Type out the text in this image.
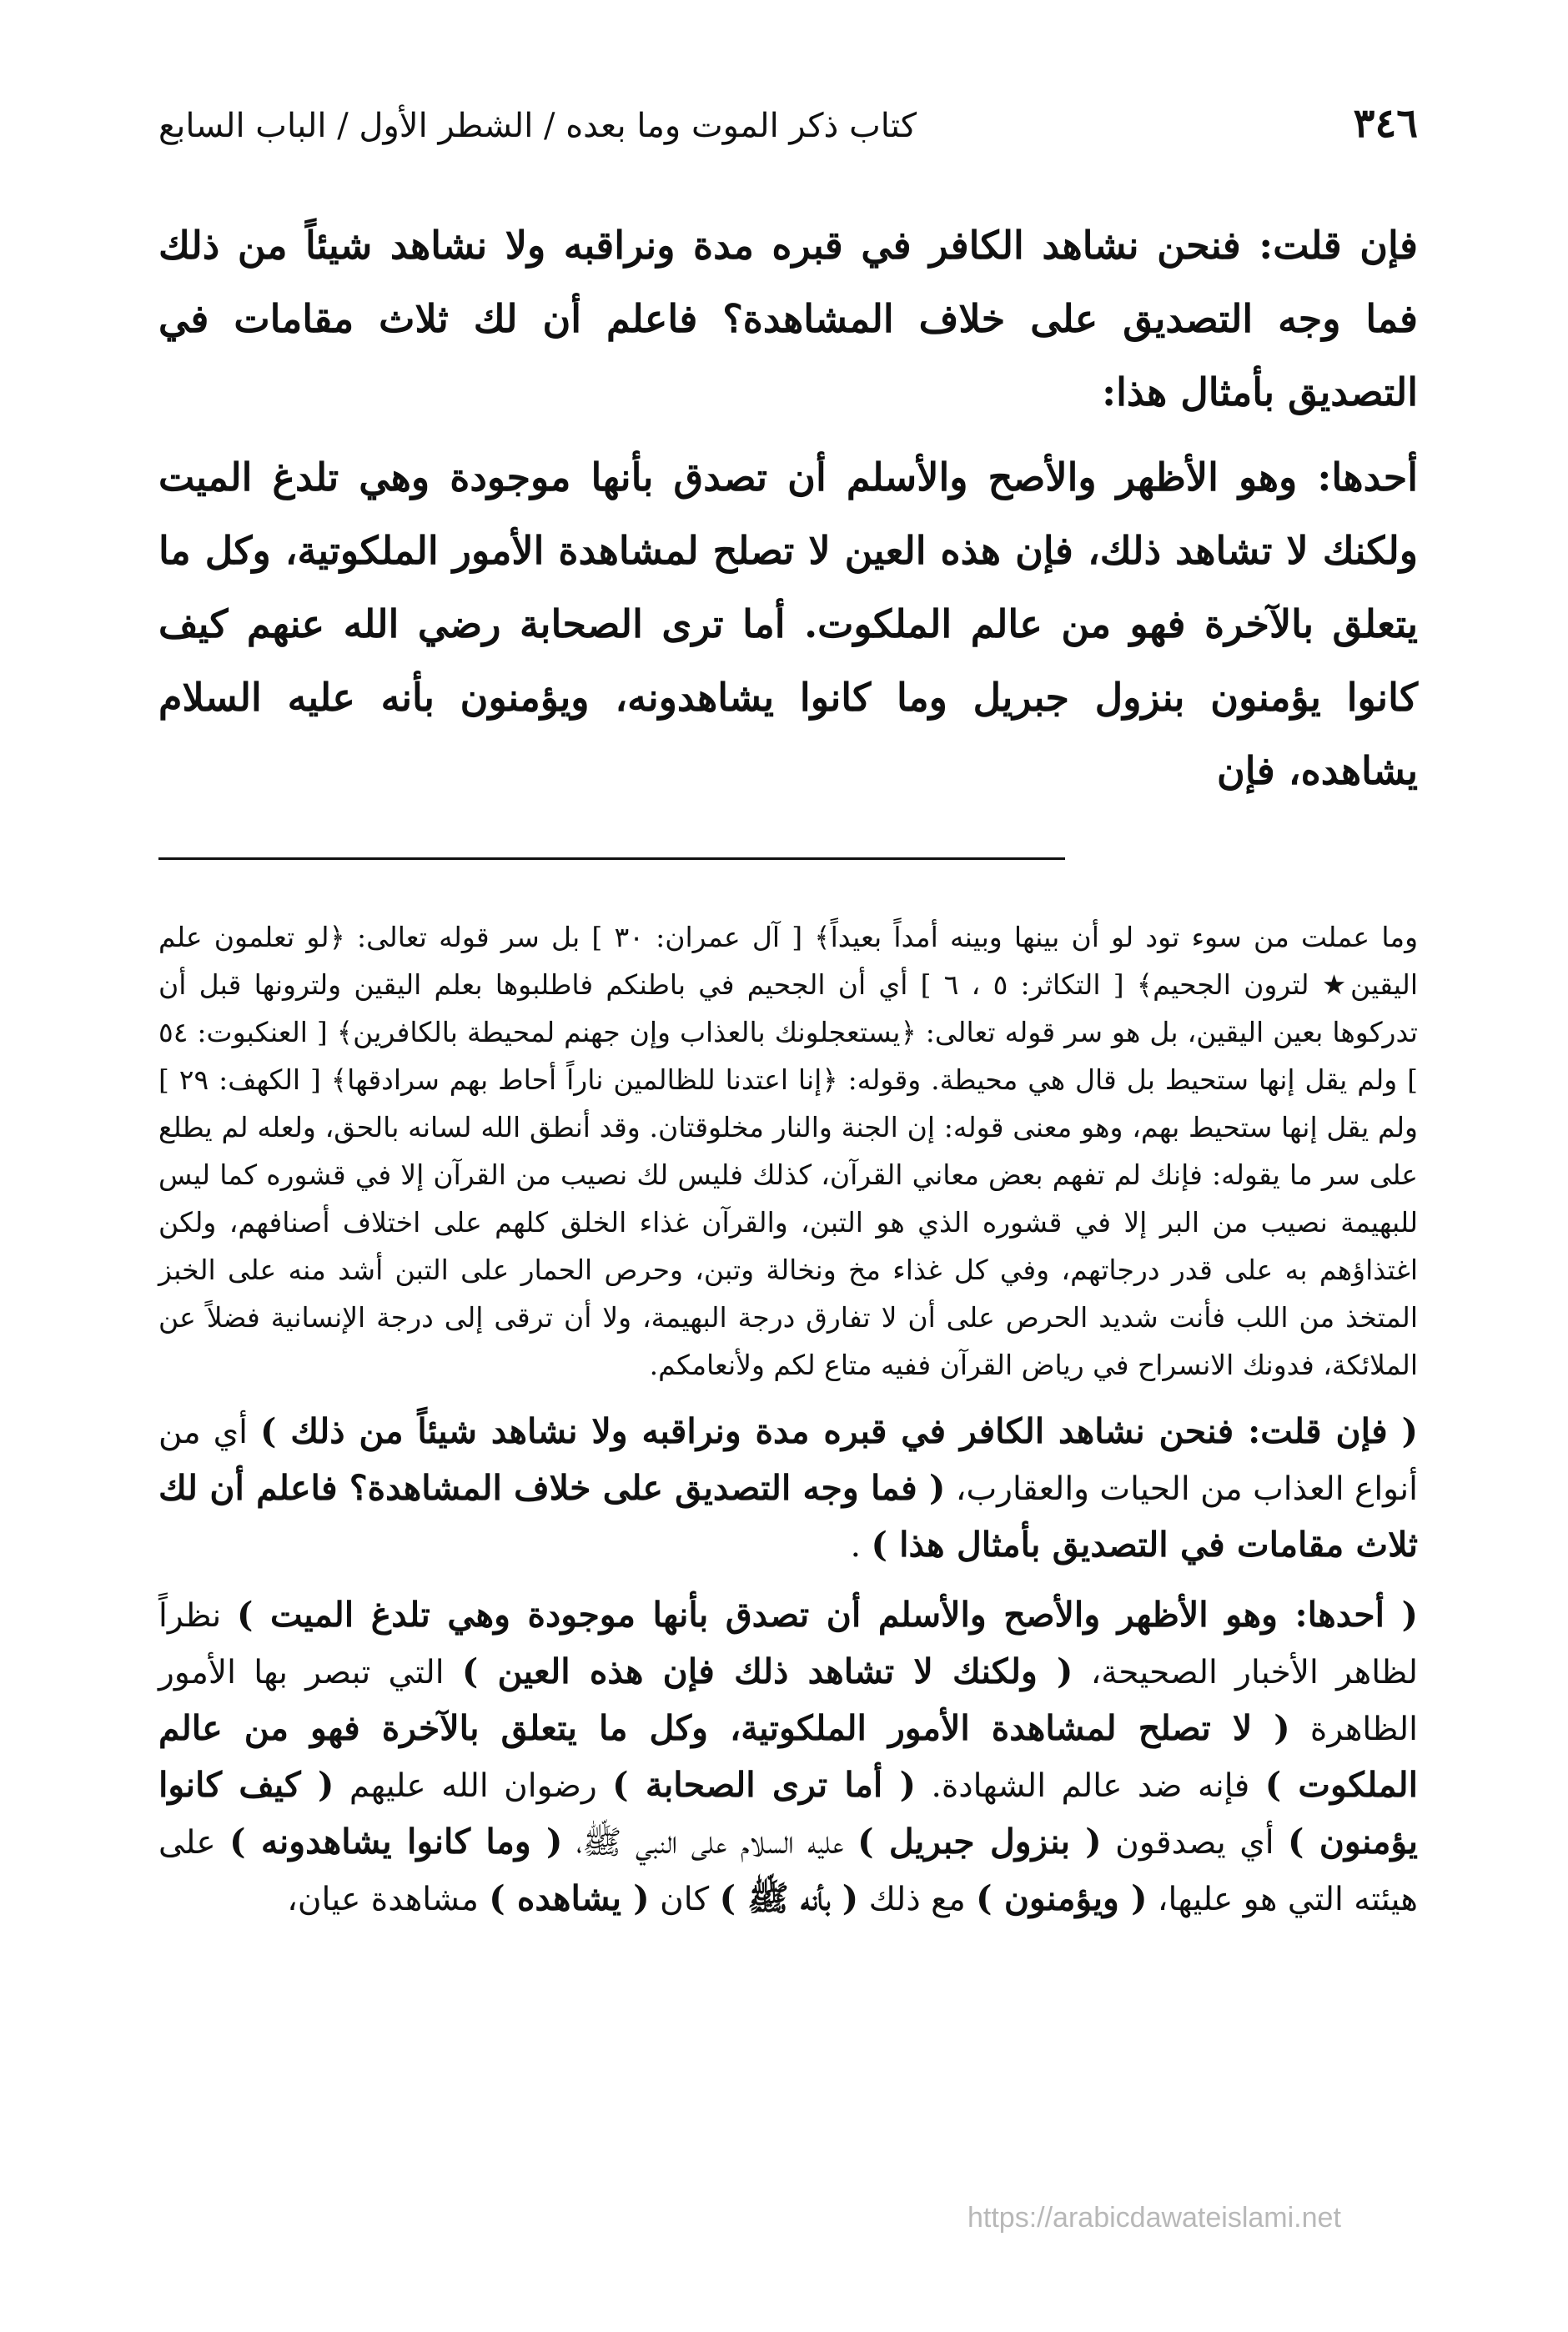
٣٤٦
كتاب ذكر الموت وما بعده / الشطر الأول / الباب السابع

فإن قلت: فنحن نشاهد الكافر في قبره مدة ونراقبه ولا نشاهد شيئاً من ذلك فما وجه التصديق على خلاف المشاهدة؟ فاعلم أن لك ثلاث مقامات في التصديق بأمثال هذا:

أحدها: وهو الأظهر والأصح والأسلم أن تصدق بأنها موجودة وهي تلدغ الميت ولكنك لا تشاهد ذلك، فإن هذه العين لا تصلح لمشاهدة الأمور الملكوتية، وكل ما يتعلق بالآخرة فهو من عالم الملكوت. أما ترى الصحابة رضي الله عنهم كيف كانوا يؤمنون بنزول جبريل وما كانوا يشاهدونه، ويؤمنون بأنه عليه السلام يشاهده، فإن

وما عملت من سوء تود لو أن بينها وبينه أمداً بعيداً﴾ [ آل عمران: ٣٠ ] بل سر قوله تعالى: ﴿لو تعلمون علم اليقين★ لترون الجحيم﴾ [ التكاثر: ٥ ، ٦ ] أي أن الجحيم في باطنكم فاطلبوها بعلم اليقين ولترونها قبل أن تدركوها بعين اليقين، بل هو سر قوله تعالى: ﴿يستعجلونك بالعذاب وإن جهنم لمحيطة بالكافرين﴾ [ العنكبوت: ٥٤ ] ولم يقل إنها ستحيط بل قال هي محيطة. وقوله: ﴿إنا اعتدنا للظالمين ناراً أحاط بهم سرادقها﴾ [ الكهف: ٢٩ ] ولم يقل إنها ستحيط بهم، وهو معنى قوله: إن الجنة والنار مخلوقتان. وقد أنطق الله لسانه بالحق، ولعله لم يطلع على سر ما يقوله: فإنك لم تفهم بعض معاني القرآن، كذلك فليس لك نصيب من القرآن إلا في قشوره كما ليس للبهيمة نصيب من البر إلا في قشوره الذي هو التبن، والقرآن غذاء الخلق كلهم على اختلاف أصنافهم، ولكن اغتذاؤهم به على قدر درجاتهم، وفي كل غذاء مخ ونخالة وتبن، وحرص الحمار على التبن أشد منه على الخبز المتخذ من اللب فأنت شديد الحرص على أن لا تفارق درجة البهيمة، ولا أن ترقى إلى درجة الإنسانية فضلاً عن الملائكة، فدونك الانسراح في رياض القرآن ففيه متاع لكم ولأنعامكم.

( فإن قلت: فنحن نشاهد الكافر في قبره مدة ونراقبه ولا نشاهد شيئاً من ذلك ) أي من أنواع العذاب من الحيات والعقارب، ( فما وجه التصديق على خلاف المشاهدة؟ فاعلم أن لك ثلاث مقامات في التصديق بأمثال هذا ) .

( أحدها: وهو الأظهر والأصح والأسلم أن تصدق بأنها موجودة وهي تلدغ الميت ) نظراً لظاهر الأخبار الصحيحة، ( ولكنك لا تشاهد ذلك فإن هذه العين ) التي تبصر بها الأمور الظاهرة ( لا تصلح لمشاهدة الأمور الملكوتية، وكل ما يتعلق بالآخرة فهو من عالم الملكوت ) فإنه ضد عالم الشهادة. ( أما ترى الصحابة ) رضوان الله عليهم ( كيف كانوا يؤمنون ) أي يصدقون ( بنزول جبريل ) عليه السلام على النبي ﷺ، ( وما كانوا يشاهدونه ) على هيئته التي هو عليها، ( ويؤمنون ) مع ذلك ( بأنه ﷺ ) كان ( يشاهده ) مشاهدة عيان،

https://arabicdawateislami.net
